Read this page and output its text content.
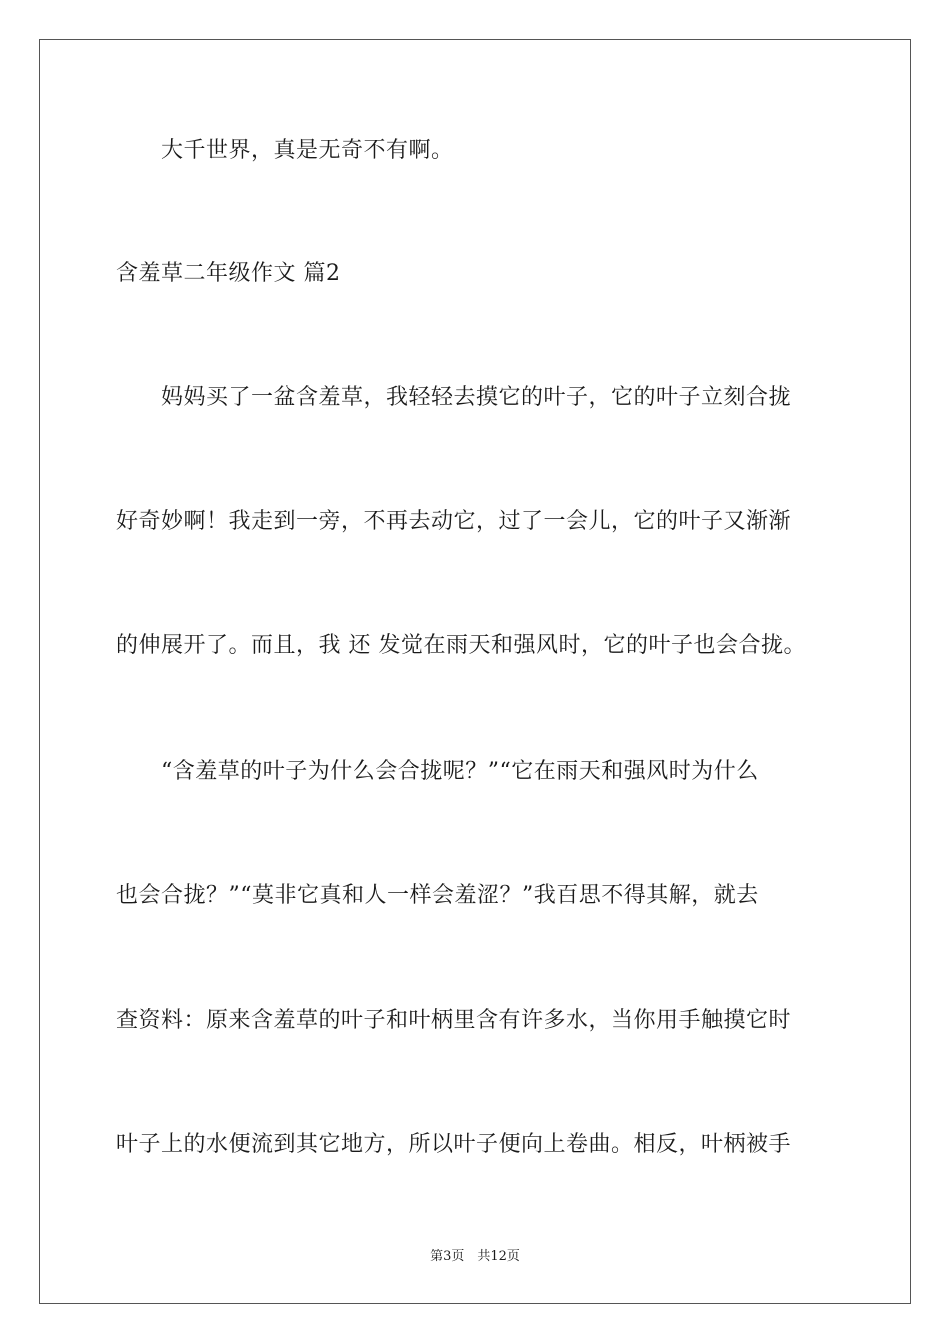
　　大千世界，真是无奇不有啊。
含羞草二年级作文 篇2
　　妈妈买了一盆含羞草，我轻轻去摸它的叶子，它的叶子立刻合拢
好奇妙啊！我走到一旁，不再去动它，过了一会儿，它的叶子又渐渐
的伸展开了。而且，我 还 发觉在雨天和强风时，它的叶子也会合拢。
　　“含羞草的叶子为什么会合拢呢？”“它在雨天和强风时为什么
也会合拢？”“莫非它真和人一样会羞涩？”我百思不得其解，就去
查资料：原来含羞草的叶子和叶柄里含有许多水，当你用手触摸它时
叶子上的水便流到其它地方，所以叶子便向上卷曲。相反，叶柄被手
第3页　共12页
